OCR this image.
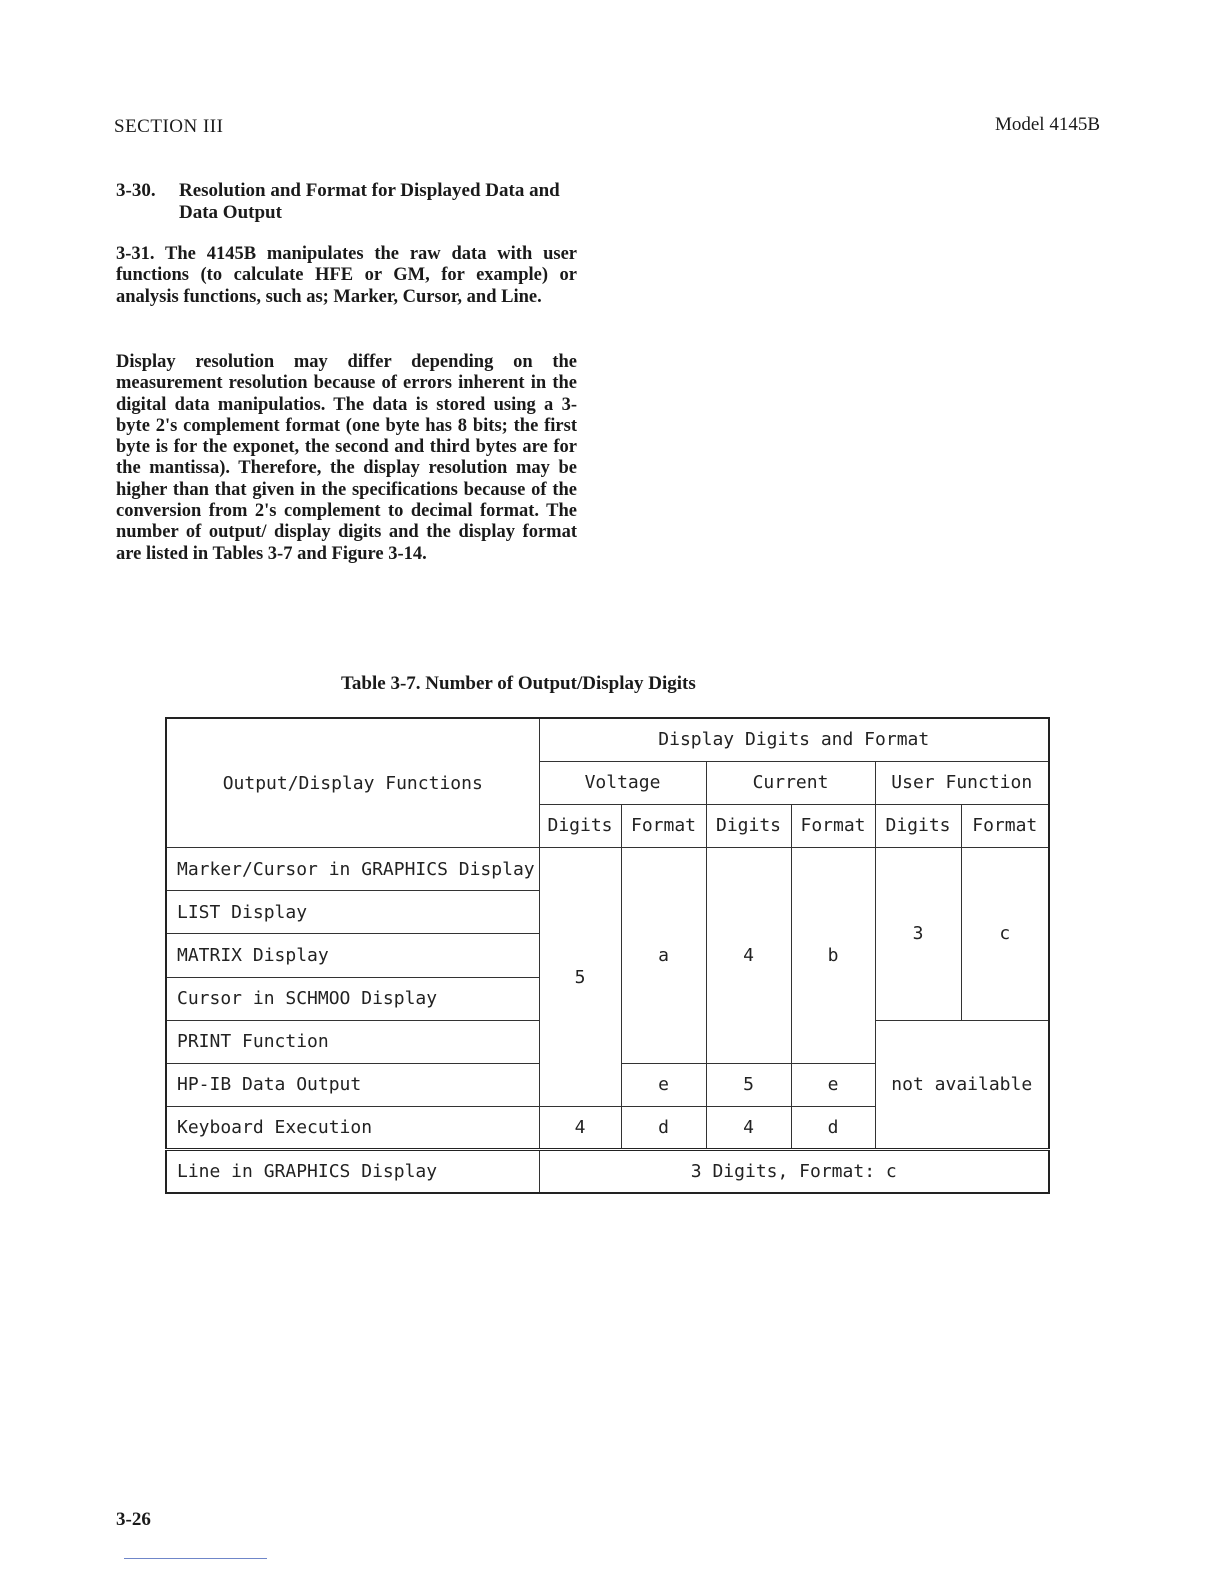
SECTION III	Model 4145B
3-30. Resolution and Format for Displayed Data and Data Output

3-31. The 4145B manipulates the raw data with user functions (to calculate HFE or GM, for example) or analysis functions, such as; Marker, Cursor, and Line.

Display resolution may differ depending on the measurement resolution because of errors inherent in the digital data manipulatios. The data is stored using a 3-byte 2's complement format (one byte has 8 bits; the first byte is for the exponet, the second and third bytes are for the mantissa). Therefore, the display resolution may be higher than that given in the specifications because of the conversion from 2's complement to decimal format. The number of output/ display digits and the display format are listed in Tables 3-7 and Figure 3-14.

Table 3-7. Number of Output/Display Digits
Output/Display Functions	Display Digits and Format					
	Voltage		Current		User Function	
	Digits	Format	Digits	Format	Digits	Format
Marker/Cursor in GRAPHICS Display	5	a	4	b	3	c
LIST Display						
MATRIX Display						
Cursor in SCHMOO Display						
PRINT Function					not available	
HP-IB Data Output		e	5	e		
Keyboard Execution	4	d	4	d		
Line in GRAPHICS Display	3 Digits, Format: c					
3-26
